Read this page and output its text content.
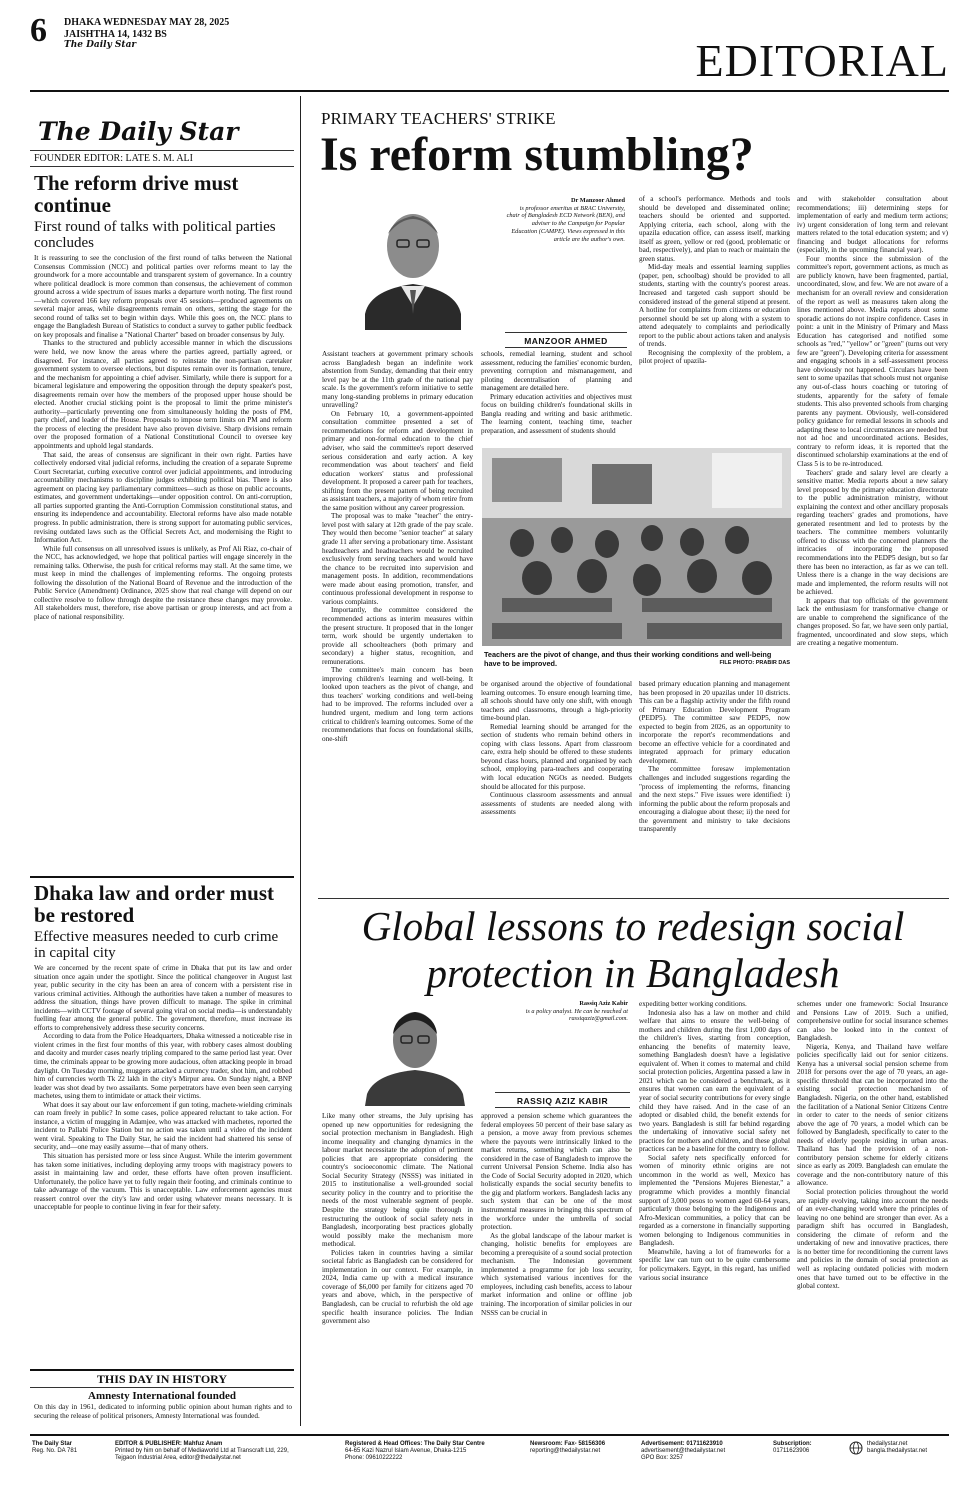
6 DHAKA WEDNESDAY MAY 28, 2025
JAISHTHA 14, 1432 BS
The Daily Star	EDITORIAL
The Daily Star
FOUNDER EDITOR: LATE S. M. ALI
The reform drive must continue
First round of talks with political parties concludes

It is reassuring to see the conclusion of the first round of talks between the National Consensus Commission (NCC) and political parties over reforms meant to lay the groundwork for a more accountable and transparent system of governance. In a country where political deadlock is more common than consensus, the achievement of common ground across a wide spectrum of issues marks a departure worth noting. The first round—which covered 166 key reform proposals over 45 sessions—produced agreements on several major areas, while disagreements remain on others, setting the stage for the second round of talks set to begin within days. While this goes on, the NCC plans to engage the Bangladesh Bureau of Statistics to conduct a survey to gather public feedback on key proposals and finalise a "National Charter" based on broader consensus by July.

Thanks to the structured and publicly accessible manner in which the discussions were held, we now know the areas where the parties agreed, partially agreed, or disagreed. For instance, all parties agreed to reinstate the non-partisan caretaker government system to oversee elections, but disputes remain over its formation, tenure, and the mechanism for appointing a chief adviser. Similarly, while there is support for a bicameral legislature and empowering the opposition through the deputy speaker's post, disagreements remain over how the members of the proposed upper house should be elected. Another crucial sticking point is the proposal to limit the prime minister's authority—particularly preventing one from simultaneously holding the posts of PM, party chief, and leader of the House. Proposals to impose term limits on PM and reform the process of electing the president have also proven divisive. Sharp divisions remain over the proposed formation of a National Constitutional Council to oversee key appointments and uphold legal standards.

That said, the areas of consensus are significant in their own right. Parties have collectively endorsed vital judicial reforms, including the creation of a separate Supreme Court Secretariat, curbing executive control over judicial appointments, and introducing accountability mechanisms to discipline judges exhibiting political bias. There is also agreement on placing key parliamentary committees—such as those on public accounts, estimates, and government undertakings—under opposition control. On anti-corruption, all parties supported granting the Anti-Corruption Commission constitutional status, and ensuring its independence and accountability. Electoral reforms have also made notable progress. In public administration, there is strong support for automating public services, revising outdated laws such as the Official Secrets Act, and modernising the Right to Information Act.

While full consensus on all unresolved issues is unlikely, as Prof Ali Riaz, co-chair of the NCC, has acknowledged, we hope that political parties will engage sincerely in the remaining talks. Otherwise, the push for critical reforms may stall. At the same time, we must keep in mind the challenges of implementing reforms. The ongoing protests following the dissolution of the National Board of Revenue and the introduction of the Public Service (Amendment) Ordinance, 2025 show that real change will depend on our collective resolve to follow through despite the resistance these changes may provoke. All stakeholders must, therefore, rise above partisan or group interests, and act from a place of national responsibility.

Dhaka law and order must be restored
Effective measures needed to curb crime in capital city

We are concerned by the recent spate of crime in Dhaka that put its law and order situation once again under the spotlight. Since the political changeover in August last year, public security in the city has been an area of concern with a persistent rise in various criminal activities. Although the authorities have taken a number of measures to address the situation, things have proven difficult to manage. The spike in criminal incidents—with CCTV footage of several going viral on social media—is understandably fuelling fear among the general public. The government, therefore, must increase its efforts to comprehensively address these security concerns.

According to data from the Police Headquarters, Dhaka witnessed a noticeable rise in violent crimes in the first four months of this year, with robbery cases almost doubling and dacoity and murder cases nearly tripling compared to the same period last year. Over time, the criminals appear to be growing more audacious, often attacking people in broad daylight. On Tuesday morning, muggers attacked a currency trader, shot him, and robbed him of currencies worth Tk 22 lakh in the city's Mirpur area. On Sunday night, a BNP leader was shot dead by two assailants. Some perpetrators have even been seen carrying machetes, using them to intimidate or attack their victims.

What does it say about our law enforcement if gun toting, machete-wielding criminals can roam freely in public? In some cases, police appeared reluctant to take action. For instance, a victim of mugging in Adamjee, who was attacked with machetes, reported the incident to Pallabi Police Station but no action was taken until a video of the incident went viral. Speaking to The Daily Star, he said the incident had shattered his sense of security, and—one may easily assume—that of many others.

This situation has persisted more or less since August. While the interim government has taken some initiatives, including deploying army troops with magistracy powers to assist in maintaining law and order, these efforts have often proven insufficient. Unfortunately, the police have yet to fully regain their footing, and criminals continue to take advantage of the vacuum. This is unacceptable. Law enforcement agencies must reassert control over the city's law and order using whatever means necessary. It is unacceptable for people to continue living in fear for their safety.

THIS DAY IN HISTORY
Amnesty International founded
On this day in 1961, dedicated to informing public opinion about human rights and to securing the release of political prisoners, Amnesty International was founded.
PRIMARY TEACHERS' STRIKE
Is reform stumbling?
Dr Manzoor Ahmed
is professor emeritus at BRAC University, chair of Bangladesh ECD Network (BEN), and adviser to the Campaign for Popular Education (CAMPE). Views expressed in this article are the author's own.
MANZOOR AHMED

Assistant teachers at government primary schools across Bangladesh began an indefinite work abstention from Sunday, demanding that their entry level pay be at the 11th grade of the national pay scale. Is the government's reform initiative to settle many long-standing problems in primary education unravelling?

On February 10, a government-appointed consultation committee presented a set of recommendations for reform and development in primary and non-formal education to the chief adviser, who said the committee's report deserved serious consideration and early action. A key recommendation was about teachers' and field education workers' status and professional development. It proposed a career path for teachers, shifting from the present pattern of being recruited as assistant teachers, a majority of whom retire from the same position without any career progression.

The proposal was to make "teacher" the entry-level post with salary at 12th grade of the pay scale. They would then become "senior teacher" at salary grade 11 after serving a probationary time. Assistant headteachers and headteachers would be recruited exclusively from serving teachers and would have the chance to be recruited into supervision and management posts. In addition, recommendations were made about easing promotion, transfer, and continuous professional development in response to various complaints.

Importantly, the committee considered the recommended actions as interim measures within the present structure. It proposed that in the longer term, work should be urgently undertaken to provide all schoolteachers (both primary and secondary) a higher status, recognition, and remunerations.

The committee's main concern has been improving children's learning and well-being. It looked upon teachers as the pivot of change, and thus teachers' working conditions and well-being had to be improved. The reforms included over a hundred urgent, medium and long term actions critical to children's learning outcomes. Some of the recommendations that focus on foundational skills, one-shift

schools, remedial learning, student and school assessment, reducing the families' economic burden, preventing corruption and mismanagement, and piloting decentralisation of planning and management are detailed here.

Primary education activities and objectives must focus on building children's foundational skills in Bangla reading and writing and basic arithmetic. The learning content, teaching time, teacher preparation, and assessment of students should

of a school's performance. Methods and tools should be developed and disseminated online; teachers should be oriented and supported. Applying criteria, each school, along with the upazila education office, can assess itself, marking itself as green, yellow or red (good, problematic or bad, respectively), and plan to reach or maintain the green status.

Mid-day meals and essential learning supplies (paper, pen, schoolbag) should be provided to all students, starting with the country's poorest areas. Increased and targeted cash support should be considered instead of the general stipend at present. A hotline for complaints from citizens or education personnel should be set up along with a system to attend adequately to complaints and periodically report to the public about actions taken and analysis of trends.

Recognising the complexity of the problem, a pilot project of upazila-

Teachers are the pivot of change, and thus their working conditions and well-being have to be improved.	FILE PHOTO: PRABIR DAS

be organised around the objective of foundational learning outcomes. To ensure enough learning time, all schools should have only one shift, with enough teachers and classrooms, through a high-priority time-bound plan.

Remedial learning should be arranged for the section of students who remain behind others in coping with class lessons. Apart from classroom care, extra help should be offered to these students beyond class hours, planned and organised by each school, employing para-teachers and cooperating with local education NGOs as needed. Budgets should be allocated for this purpose.

Continuous classroom assessments and annual assessments of students are needed along with assessments

based primary education planning and management has been proposed in 20 upazilas under 10 districts. This can be a flagship activity under the fifth round of Primary Education Development Program (PEDP5). The committee saw PEDP5, now expected to begin from 2026, as an opportunity to incorporate the report's recommendations and become an effective vehicle for a coordinated and integrated approach for primary education development.

The committee foresaw implementation challenges and included suggestions regarding the "process of implementing the reforms, financing and the next steps." Five issues were identified: i) informing the public about the reform proposals and encouraging a dialogue about these; ii) the need for the government and ministry to take decisions transparently

and with stakeholder consultation about recommendations; iii) determining steps for implementation of early and medium term actions; iv) urgent consideration of long term and relevant matters related to the total education system; and v) financing and budget allocations for reforms (especially, in the upcoming financial year).

Four months since the submission of the committee's report, government actions, as much as are publicly known, have been fragmented, partial, uncoordinated, slow, and few. We are not aware of a mechanism for an overall review and consideration of the report as well as measures taken along the lines mentioned above. Media reports about some sporadic actions do not inspire confidence. Cases in point: a unit in the Ministry of Primary and Mass Education has categorised and notified some schools as "red," "yellow" or "green" (turns out very few are "green"). Developing criteria for assessment and engaging schools in a self-assessment process have obviously not happened. Circulars have been sent to some upazilas that schools must not organise any out-of-class hours coaching or tutoring of students, apparently for the safety of female students. This also prevented schools from charging parents any payment. Obviously, well-considered policy guidance for remedial lessons in schools and adapting these to local circumstances are needed but not ad hoc and uncoordinated actions. Besides, contrary to reform ideas, it is reported that the discontinued scholarship examinations at the end of Class 5 is to be re-introduced.

Teachers' grade and salary level are clearly a sensitive matter. Media reports about a new salary level proposed by the primary education directorate to the public administration ministry, without explaining the context and other ancillary proposals regarding teachers' grades and promotions, have generated resentment and led to protests by the teachers. The committee members voluntarily offered to discuss with the concerned planners the intricacies of incorporating the proposed recommendations into the PEDP5 design, but so far there has been no interaction, as far as we can tell. Unless there is a change in the way decisions are made and implemented, the reform results will not be achieved.

It appears that top officials of the government lack the enthusiasm for transformative change or are unable to comprehend the significance of the changes proposed. So far, we have seen only partial, fragmented, uncoordinated and slow steps, which are creating a negative momentum.

Global lessons to redesign social
protection in Bangladesh
Rassiq Aziz Kabir
is a policy analyst. He can be reached at rassiqaziz@gmail.com.
RASSIQ AZIZ KABIR

Like many other streams, the July uprising has opened up new opportunities for redesigning the social protection mechanism in Bangladesh. High income inequality and changing dynamics in the labour market necessitate the adoption of pertinent policies that are appropriate considering the country's socioeconomic climate. The National Social Security Strategy (NSSS) was initiated in 2015 to institutionalise a well-grounded social security policy in the country and to prioritise the needs of the most vulnerable segment of people. Despite the strategy being quite thorough in restructuring the outlook of social safety nets in Bangladesh, incorporating best practices globally would possibly make the mechanism more methodical.

Policies taken in countries having a similar societal fabric as Bangladesh can be considered for implementation in our context. For example, in 2024, India came up with a medical insurance coverage of $6,000 per family for citizens aged 70 years and above, which, in the perspective of Bangladesh, can be crucial to refurbish the old age specific health insurance policies. The Indian government also

approved a pension scheme which guarantees the federal employees 50 percent of their base salary as a pension, a move away from previous schemes where the payouts were intrinsically linked to the market returns, something which can also be considered in the case of Bangladesh to improve the current Universal Pension Scheme. India also has the Code of Social Security adopted in 2020, which holistically expands the social security benefits to the gig and platform workers. Bangladesh lacks any such system that can be one of the most instrumental measures in bringing this spectrum of the workforce under the umbrella of social protection.

As the global landscape of the labour market is changing, holistic benefits for employees are becoming a prerequisite of a sound social protection mechanism. The Indonesian government implemented a programme for job loss security, which systematised various incentives for the employees, including cash benefits, access to labour market information and online or offline job training. The incorporation of similar policies in our NSSS can be crucial in

expediting better working conditions.

Indonesia also has a law on mother and child welfare that aims to ensure the well-being of mothers and children during the first 1,000 days of the children's lives, starting from conception, enhancing the benefits of maternity leave, something Bangladesh doesn't have a legislative equivalent of. When it comes to maternal and child social protection policies, Argentina passed a law in 2021 which can be considered a benchmark, as it ensures that women can earn the equivalent of a year of social security contributions for every single child they have raised. And in the case of an adopted or disabled child, the benefit extends for two years. Bangladesh is still far behind regarding the undertaking of innovative social safety net practices for mothers and children, and these global practices can be a baseline for the country to follow.

Social safety nets specifically enforced for women of minority ethnic origins are not uncommon in the world as well, Mexico has implemented the "Pensions Mujeres Bienestar," a programme which provides a monthly financial support of 3,000 pesos to women aged 60-64 years, particularly those belonging to the Indigenous and Afro-Mexican communities, a policy that can be regarded as a cornerstone in financially supporting women belonging to Indigenous communities in Bangladesh.

Meanwhile, having a lot of frameworks for a specific law can turn out to be quite cumbersome for policymakers. Egypt, in this regard, has unified various social insurance

schemes under one framework: Social Insurance and Pensions Law of 2019. Such a unified, comprehensive outline for social insurance schemes can also be looked into in the context of Bangladesh.

Nigeria, Kenya, and Thailand have welfare policies specifically laid out for senior citizens. Kenya has a universal social pension scheme from 2018 for persons over the age of 70 years, an age-specific threshold that can be incorporated into the existing social protection mechanism of Bangladesh. Nigeria, on the other hand, established the facilitation of a National Senior Citizens Centre in order to cater to the needs of senior citizens above the age of 70 years, a model which can be followed by Bangladesh, specifically to cater to the needs of elderly people residing in urban areas. Thailand has had the provision of a non-contributory pension scheme for elderly citizens since as early as 2009. Bangladesh can emulate the coverage and the non-contributory nature of this allowance.

Social protection policies throughout the world are rapidly evolving, taking into account the needs of an ever-changing world where the principles of leaving no one behind are stronger than ever. As a paradigm shift has occurred in Bangladesh, considering the climate of reform and the undertaking of new and innovative practices, there is no better time for reconditioning the current laws and policies in the domain of social protection as well as replacing outdated policies with modern ones that have turned out to be effective in the global context.

The Daily Star
Reg. No. DA 781
EDITOR & PUBLISHER: Mahfuz Anam
Printed by him on behalf of Mediaworld Ltd at Transcraft Ltd, 229,
Tejgaon Industrial Area, editor@thedailystar.net
Registered & Head Offices: The Daily Star Centre
64-65 Kazi Nazrul Islam Avenue, Dhaka-1215
Phone: 09610222222
Newsroom: Fax- 58156306
reporting@thedailystar.net
Advertisement: 01711623910
advertisement@thedailystar.net
GPO Box: 3257
Subscription:
01711623906
thedailystar.net
bangla.thedailystar.net
